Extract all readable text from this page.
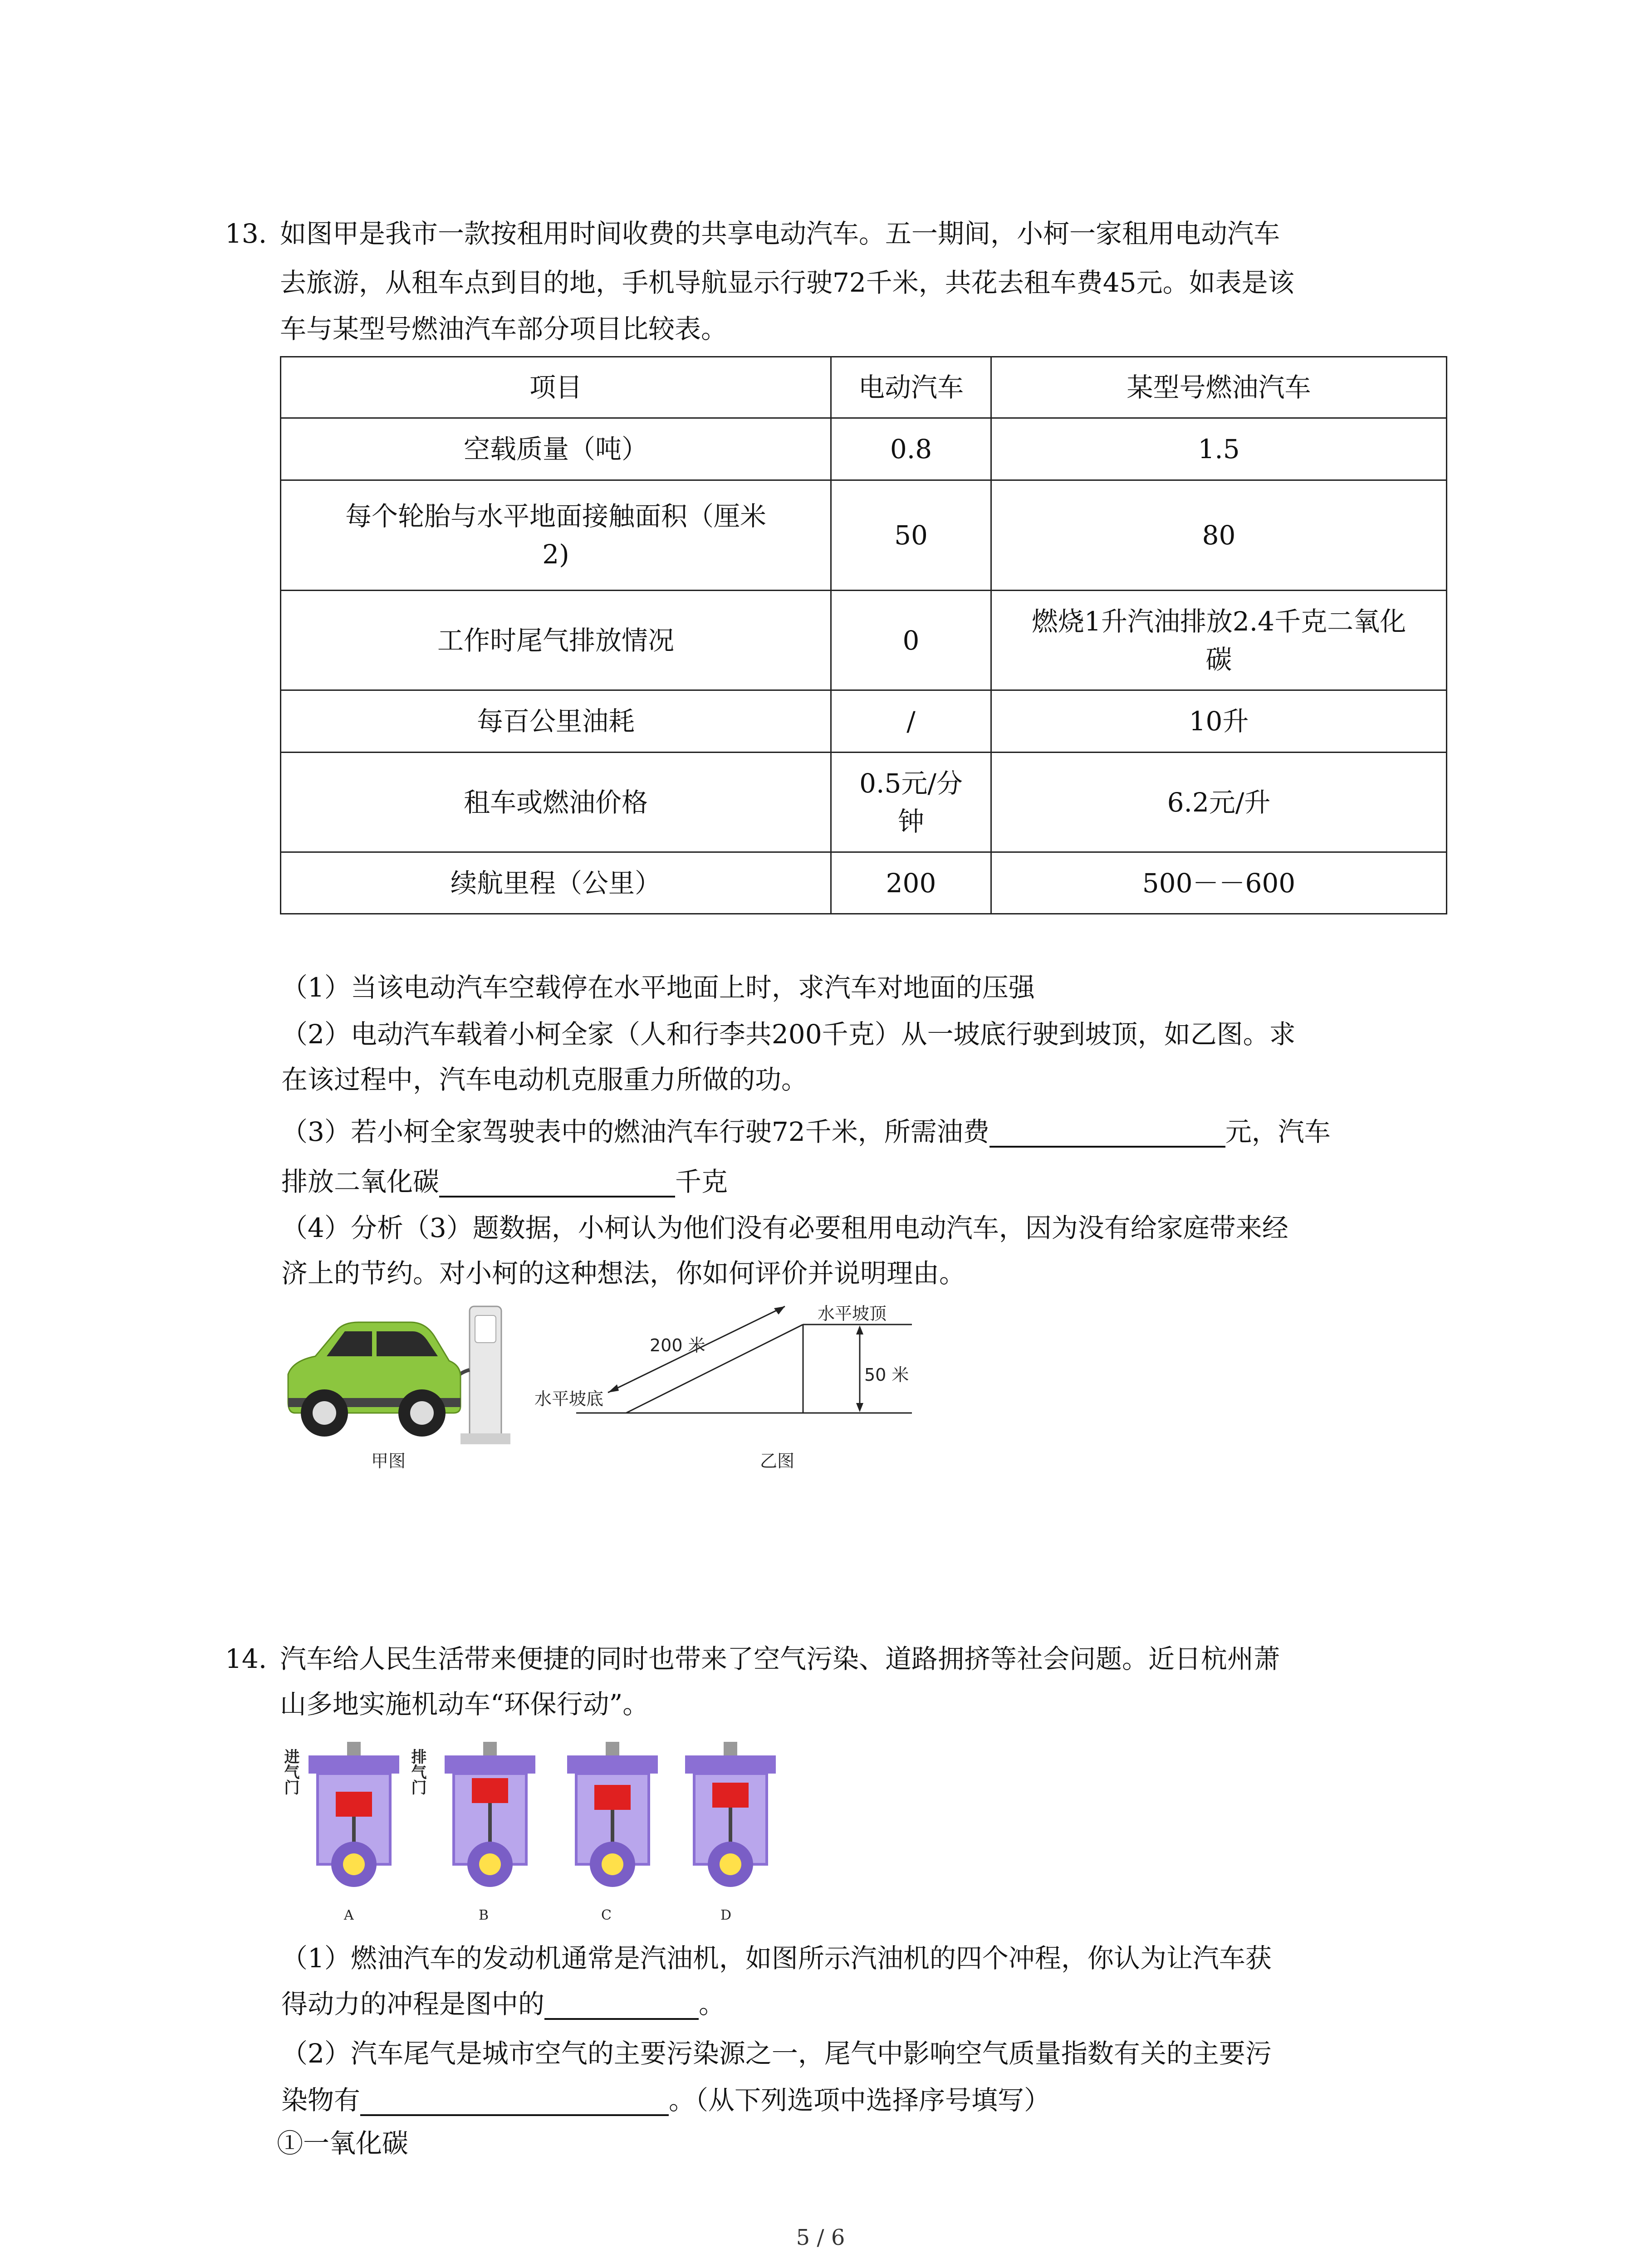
13. 如图甲是我市一款按租用时间收费的共享电动汽车。五一期间，小柯一家租用电动汽车
去旅游，从租车点到目的地，手机导航显示行驶72千米，共花去租车费45元。如表是该
车与某型号燃油汽车部分项目比较表。
项目	电动汽车	某型号燃油汽车
空载质量（吨）	0.8	1.5
每个轮胎与水平地面接触面积（厘米
2)	50	80
工作时尾气排放情况	0	燃烧1升汽油排放2.4千克二氧化
碳
每百公里油耗	/	10升
租车或燃油价格	0.5元/分
钟	6.2元/升
续航里程（公里）	200	500－－600
（1）当该电动汽车空载停在水平地面上时，求汽车对地面的压强
（2）电动汽车载着小柯全家（人和行李共200千克）从一坡底行驶到坡顶，如乙图。求
在该过程中，汽车电动机克服重力所做的功。
（3）若小柯全家驾驶表中的燃油汽车行驶72千米，所需油费	元，汽车
排放二氧化碳	千克
（4）分析（3）题数据，小柯认为他们没有必要租用电动汽车，因为没有给家庭带来经
济上的节约。对小柯的这种想法，你如何评价并说明理由。
甲图
200 米
水平坡顶
水平坡底
50 米
乙图
14. 汽车给人民生活带来便捷的同时也带来了空气污染、道路拥挤等社会问题。近日杭州萧
山多地实施机动车“环保行动”。
进气门	排气门
A	B	C	D
（1）燃油汽车的发动机通常是汽油机，如图所示汽油机的四个冲程，你认为让汽车获
得动力的冲程是图中的	。
（2）汽车尾气是城市空气的主要污染源之一，尾气中影响空气质量指数有关的主要污
染物有	。（从下列选项中选择序号填写）
①一氧化碳
5 / 6
